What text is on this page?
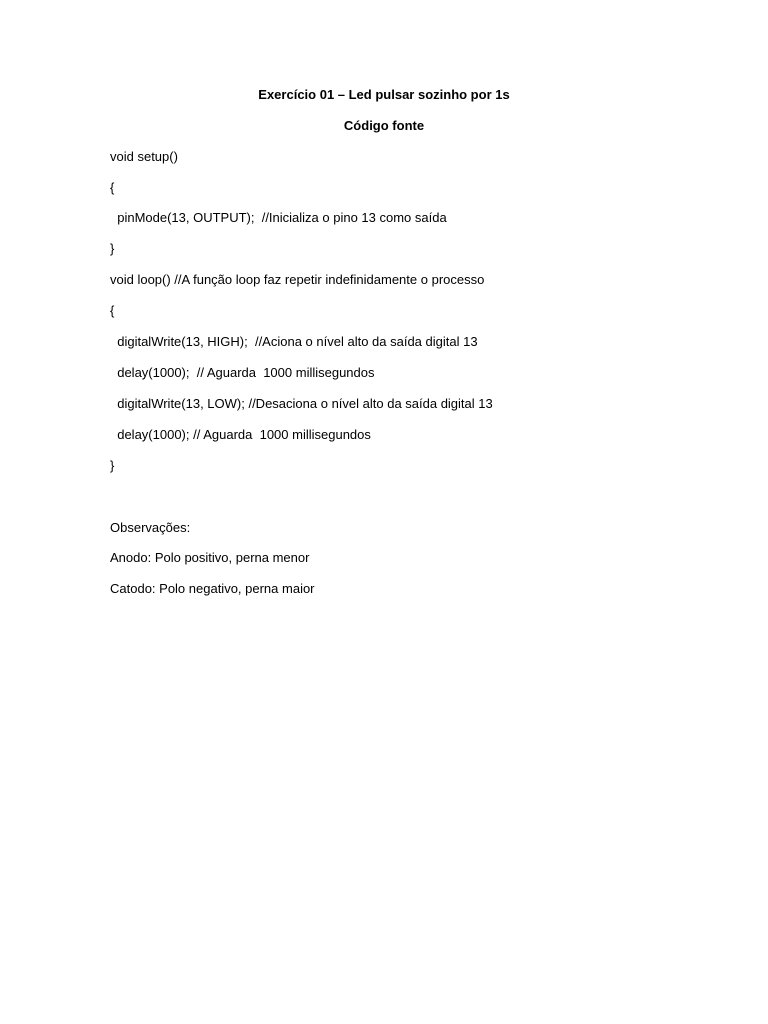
Exercício 01 – Led pulsar sozinho por 1s
Código fonte
void setup()
{
pinMode(13, OUTPUT);  //Inicializa o pino 13 como saída
}
void loop() //A função loop faz repetir indefinidamente o processo
{
digitalWrite(13, HIGH);  //Aciona o nível alto da saída digital 13
delay(1000);  // Aguarda  1000 millisegundos
digitalWrite(13, LOW); //Desaciona o nível alto da saída digital 13
delay(1000); // Aguarda  1000 millisegundos
}
Observações:
Anodo: Polo positivo, perna menor
Catodo: Polo negativo, perna maior
